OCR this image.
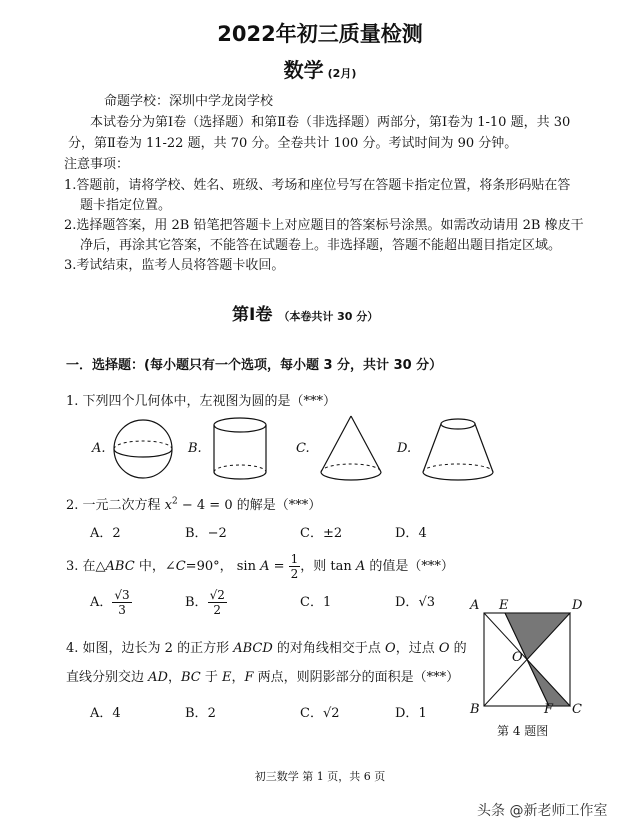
2022年初三质量检测
数学 (2月)
命题学校：深圳中学龙岗学校
本试卷分为第Ⅰ卷（选择题）和第Ⅱ卷（非选择题）两部分，第Ⅰ卷为 1-10 题，共 30
分，第Ⅱ卷为 11-22 题，共 70 分。全卷共计 100 分。考试时间为 90 分钟。
注意事项：
1.答题前，请将学校、姓名、班级、考场和座位号写在答题卡指定位置，将条形码贴在答
题卡指定位置。
2.选择题答案，用 2B 铅笔把答题卡上对应题目的答案标号涂黑。如需改动请用 2B 橡皮干
净后，再涂其它答案，不能答在试题卷上。非选择题，答题不能超出题目指定区域。
3.考试结束，监考人员将答题卡收回。
第Ⅰ卷 （本卷共计 30 分）
一．选择题：(每小题只有一个选项，每小题 3 分，共计 30 分）
1. 下列四个几何体中，左视图为圆的是（***）
A.	B.	C.	D.
2. 一元二次方程 $x^2 - 4 = 0$ 的解是（***）
A．2	B．−2	C．±2	D．4
3. 在△ABC 中，∠C=90°， $\sin A = \frac{1}{2}$ ，则 tan A 的值是（***）
A． $\frac{√3}{3}$	B． $\frac{√2}{2}$	C．1	D．√3
4. 如图，边长为 2 的正方形 ABCD 的对角线相交于点 O，过点 O 的
直线分别交边 AD，BC 于 E，F 两点，则阴影部分的面积是（***）
A．4	B．2	C．√2	D．1
A E	D
O
B	F C
第 4 题图
初三数学 第 1 页，共 6 页
头条 @新老师工作室
